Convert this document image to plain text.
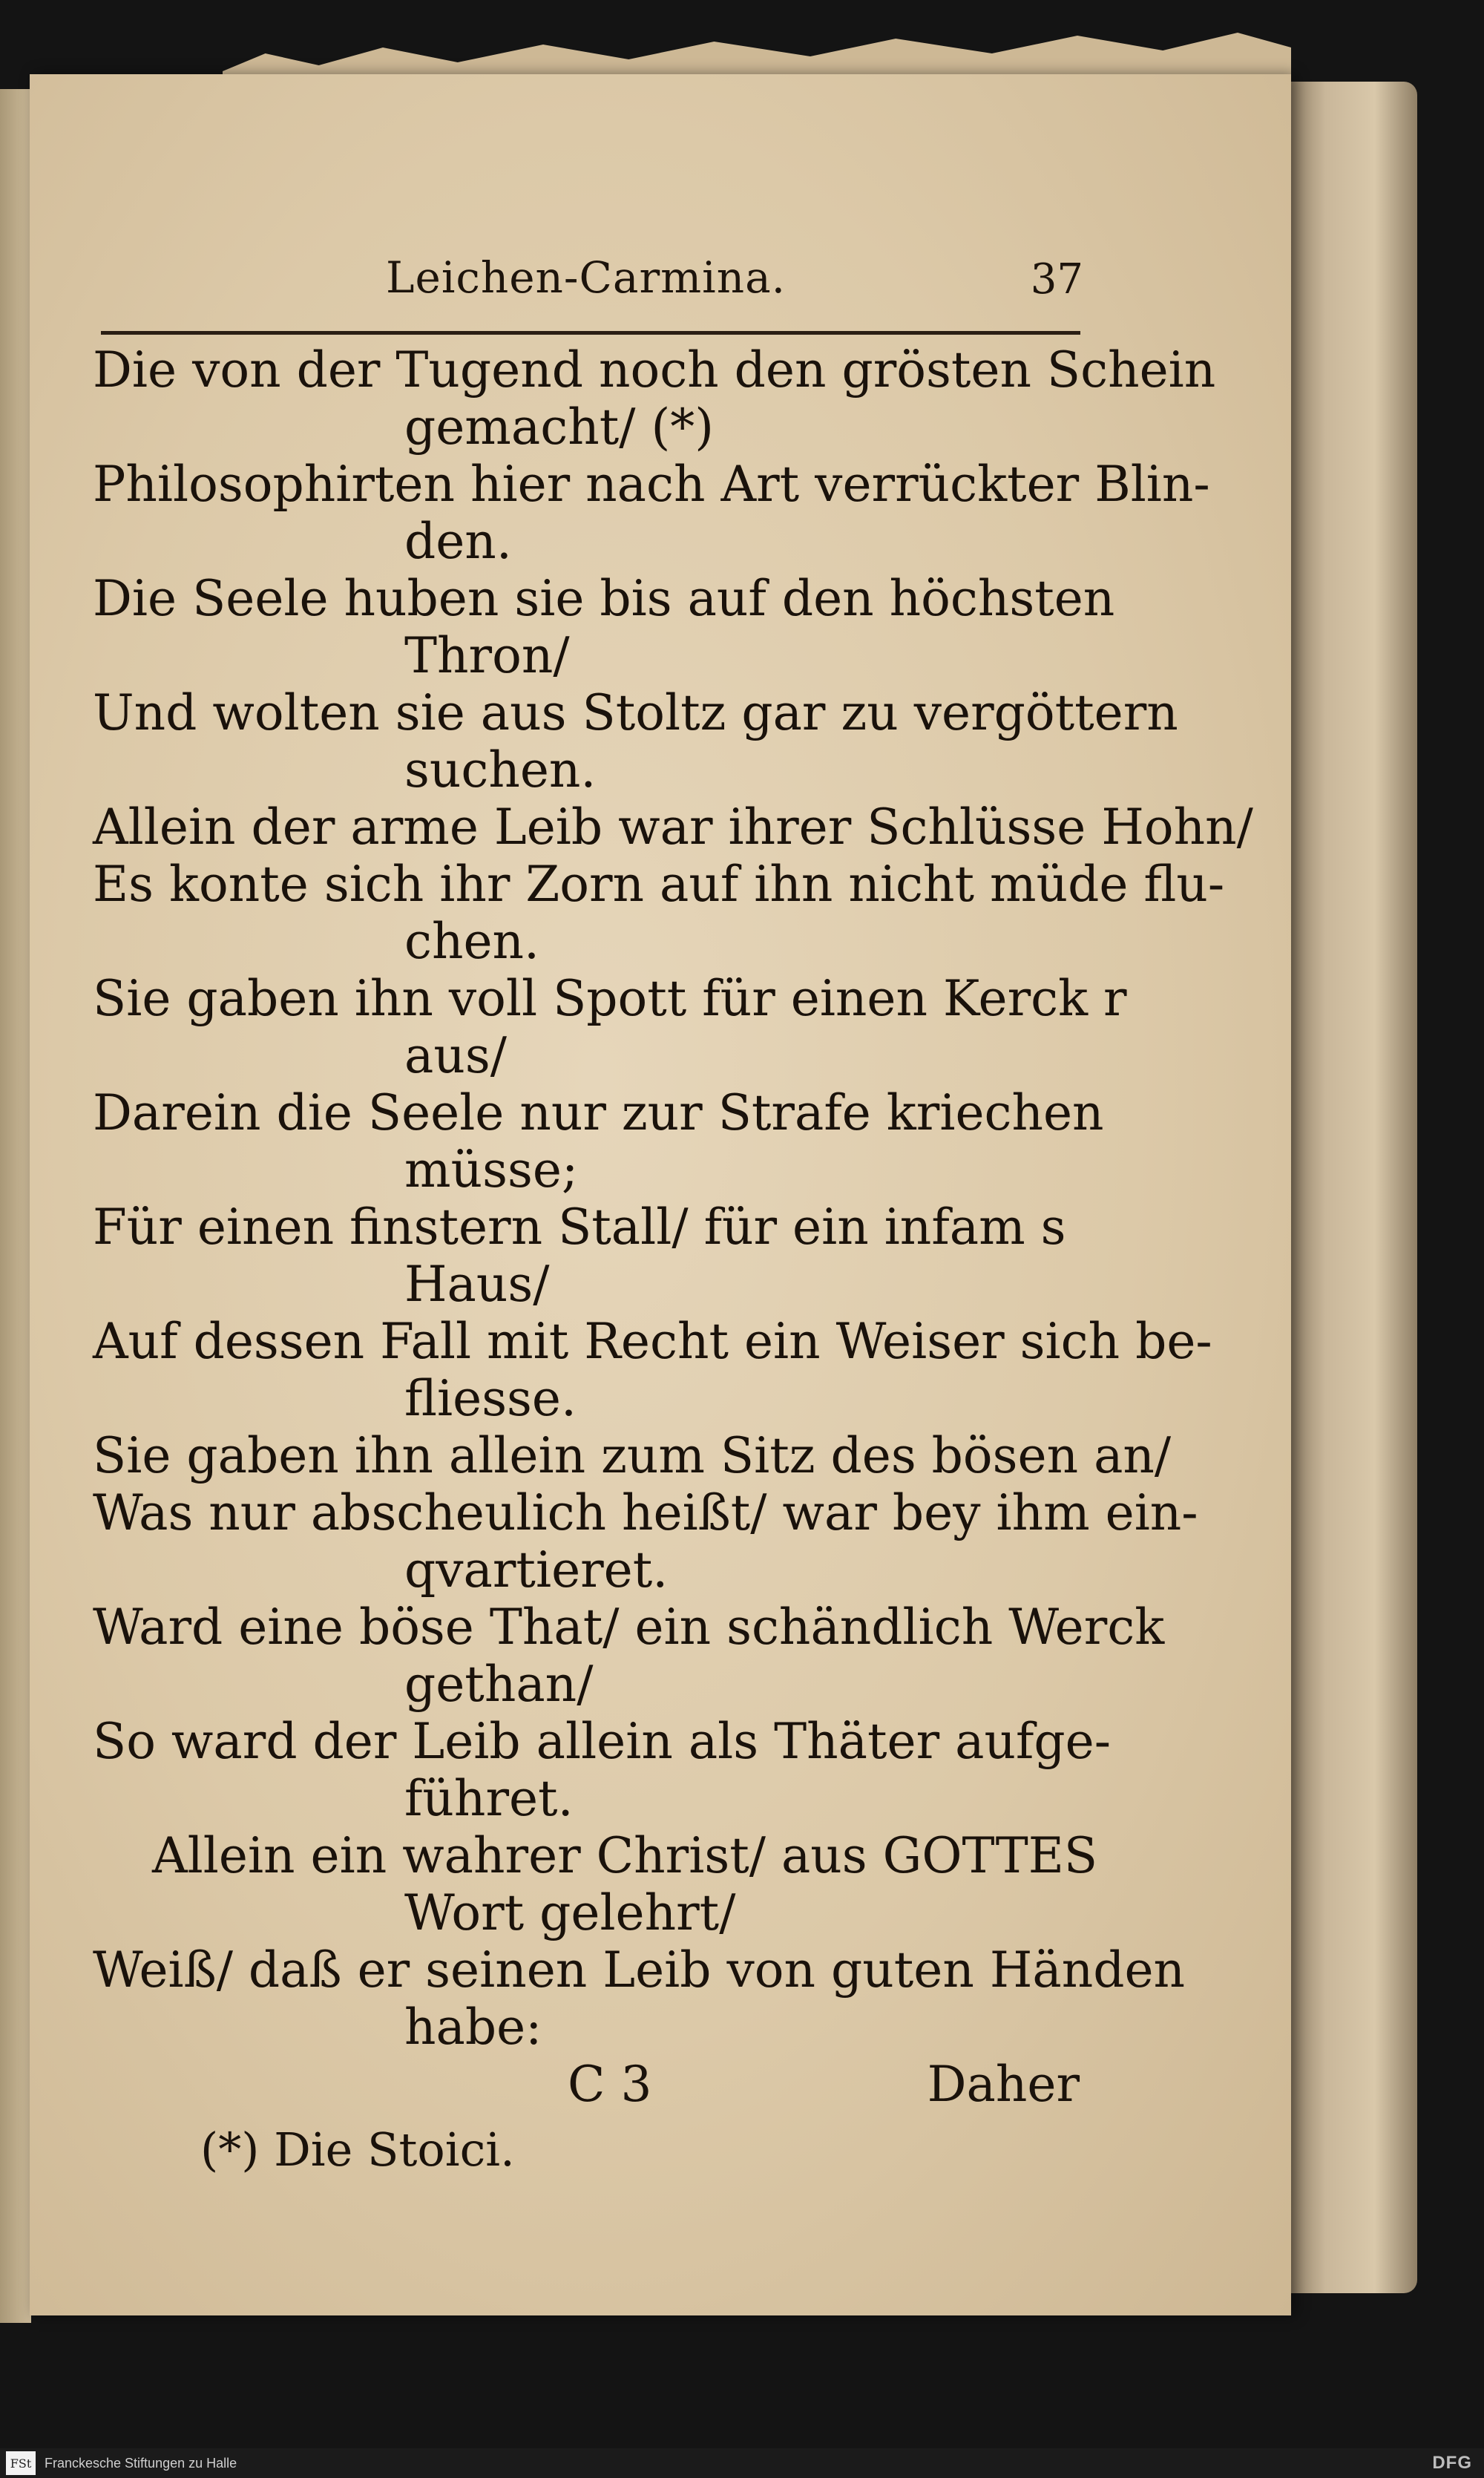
Leichen-Carmina.	37
Die von der Tugend noch den grösten Schein
gemacht/ (*)
Philosophirten hier nach Art verrückter Blin-
den.
Die Seele huben sie bis auf den höchsten
Thron/
Und wolten sie aus Stoltz gar zu vergöttern
suchen.
Allein der arme Leib war ihrer Schlüsse Hohn/
Es konte sich ihr Zorn auf ihn nicht müde flu-
chen.
Sie gaben ihn voll Spott für einen Kerck r
aus/
Darein die Seele nur zur Strafe kriechen
müsse;
Für einen finstern Stall/ für ein infam s
Haus/
Auf dessen Fall mit Recht ein Weiser sich be-
fliesse.
Sie gaben ihn allein zum Sitz des bösen an/
Was nur abscheulich heißt/ war bey ihm ein-
qvartieret.
Ward eine böse That/ ein schändlich Werck
gethan/
So ward der Leib allein als Thäter aufge-
führet.
Allein ein wahrer Christ/ aus GOTTES
Wort gelehrt/
Weiß/ daß er seinen Leib von guten Händen
habe:
C 3	Daher
(*) Die Stoici.
FSt Franckesche Stiftungen zu Halle	DFG
